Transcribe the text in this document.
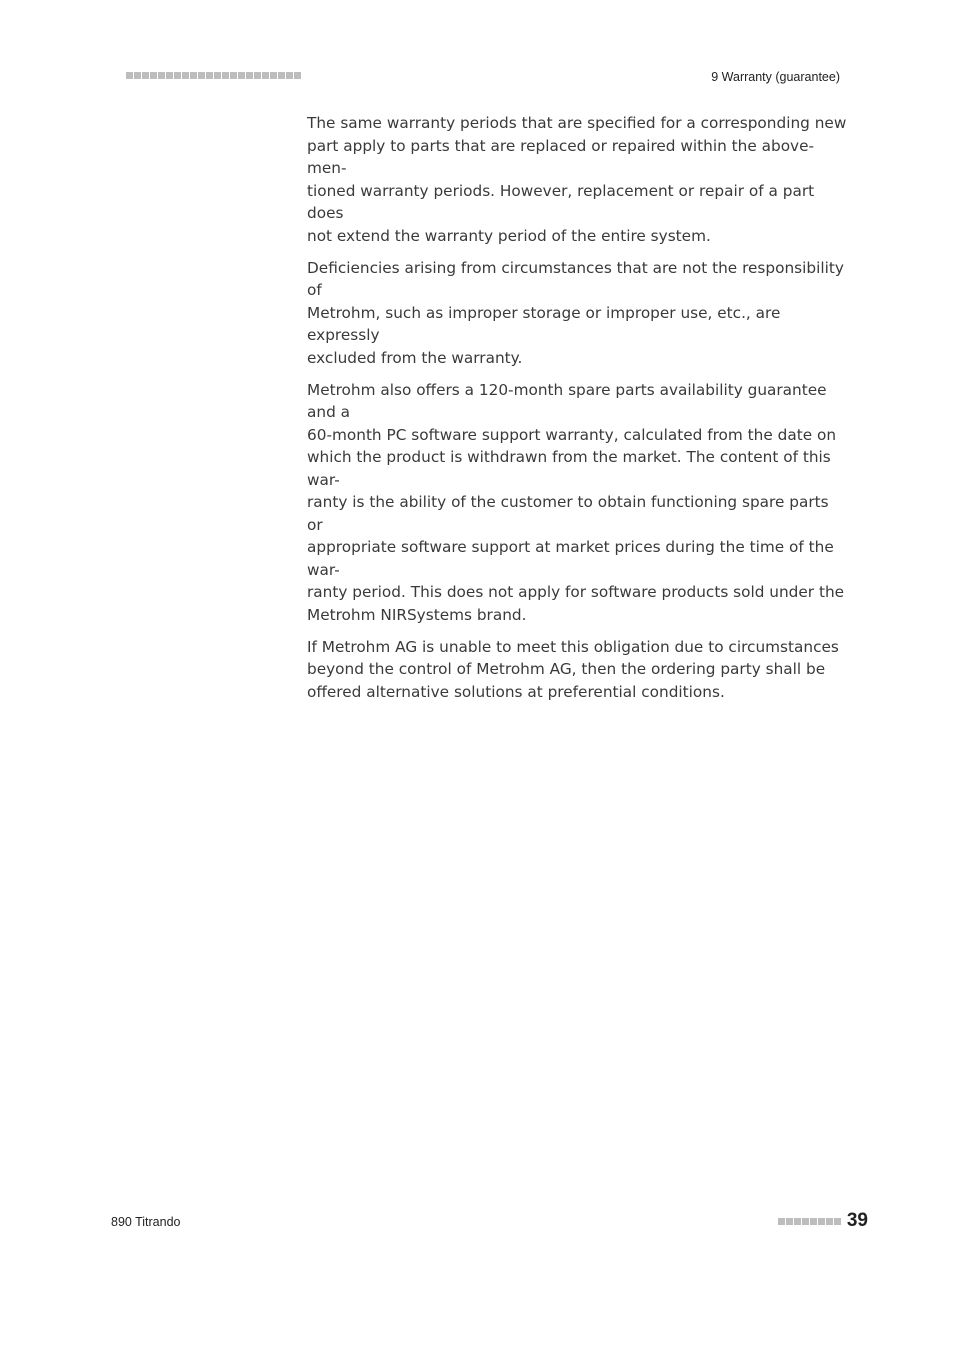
9 Warranty (guarantee)

The same warranty periods that are specified for a corresponding new
part apply to parts that are replaced or repaired within the above-men-
tioned warranty periods. However, replacement or repair of a part does
not extend the warranty period of the entire system.

Deficiencies arising from circumstances that are not the responsibility of
Metrohm, such as improper storage or improper use, etc., are expressly
excluded from the warranty.

Metrohm also offers a 120-month spare parts availability guarantee and a
60-month PC software support warranty, calculated from the date on
which the product is withdrawn from the market. The content of this war-
ranty is the ability of the customer to obtain functioning spare parts or
appropriate software support at market prices during the time of the war-
ranty period. This does not apply for software products sold under the
Metrohm NIRSystems brand.

If Metrohm AG is unable to meet this obligation due to circumstances
beyond the control of Metrohm AG, then the ordering party shall be
offered alternative solutions at preferential conditions.

890 Titrando	39
